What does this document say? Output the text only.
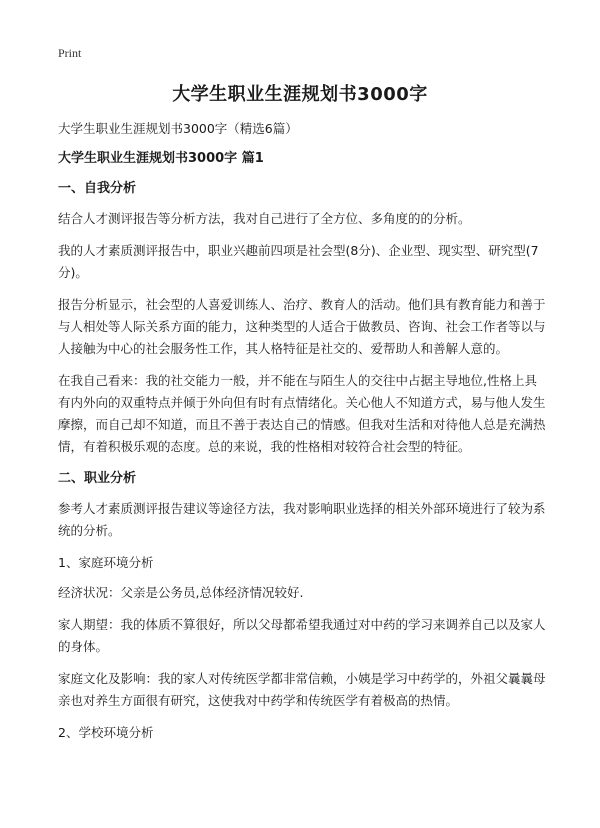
Print
大学生职业生涯规划书3000字

大学生职业生涯规划书3000字（精选6篇）

大学生职业生涯规划书3000字 篇1

一、自我分析

结合人才测评报告等分析方法，我对自己进行了全方位、多角度的的分析。

我的人才素质测评报告中，职业兴趣前四项是社会型(8分)、企业型、现实型、研究型(7分)。

报告分析显示，社会型的人喜爱训练人、治疗、教育人的活动。他们具有教育能力和善于与人相处等人际关系方面的能力，这种类型的人适合于做教员、咨询、社会工作者等以与人接触为中心的社会服务性工作，其人格特征是社交的、爱帮助人和善解人意的。

在我自己看来：我的社交能力一般，并不能在与陌生人的交往中占据主导地位,性格上具有内外向的双重特点并倾于外向但有时有点情绪化。关心他人不知道方式，易与他人发生摩擦，而自己却不知道，而且不善于表达自己的情感。但我对生活和对待他人总是充满热情，有着积极乐观的态度。总的来说，我的性格相对较符合社会型的特征。

二、职业分析

参考人才素质测评报告建议等途径方法，我对影响职业选择的相关外部环境进行了较为系统的分析。

1、家庭环境分析

经济状况：父亲是公务员,总体经济情况较好.

家人期望：我的体质不算很好，所以父母都希望我通过对中药的学习来调养自己以及家人的身体。

家庭文化及影响：我的家人对传统医学都非常信赖，小姨是学习中药学的，外祖父曩曩母亲也对养生方面很有研究，这使我对中药学和传统医学有着极高的热情。

2、学校环境分析
